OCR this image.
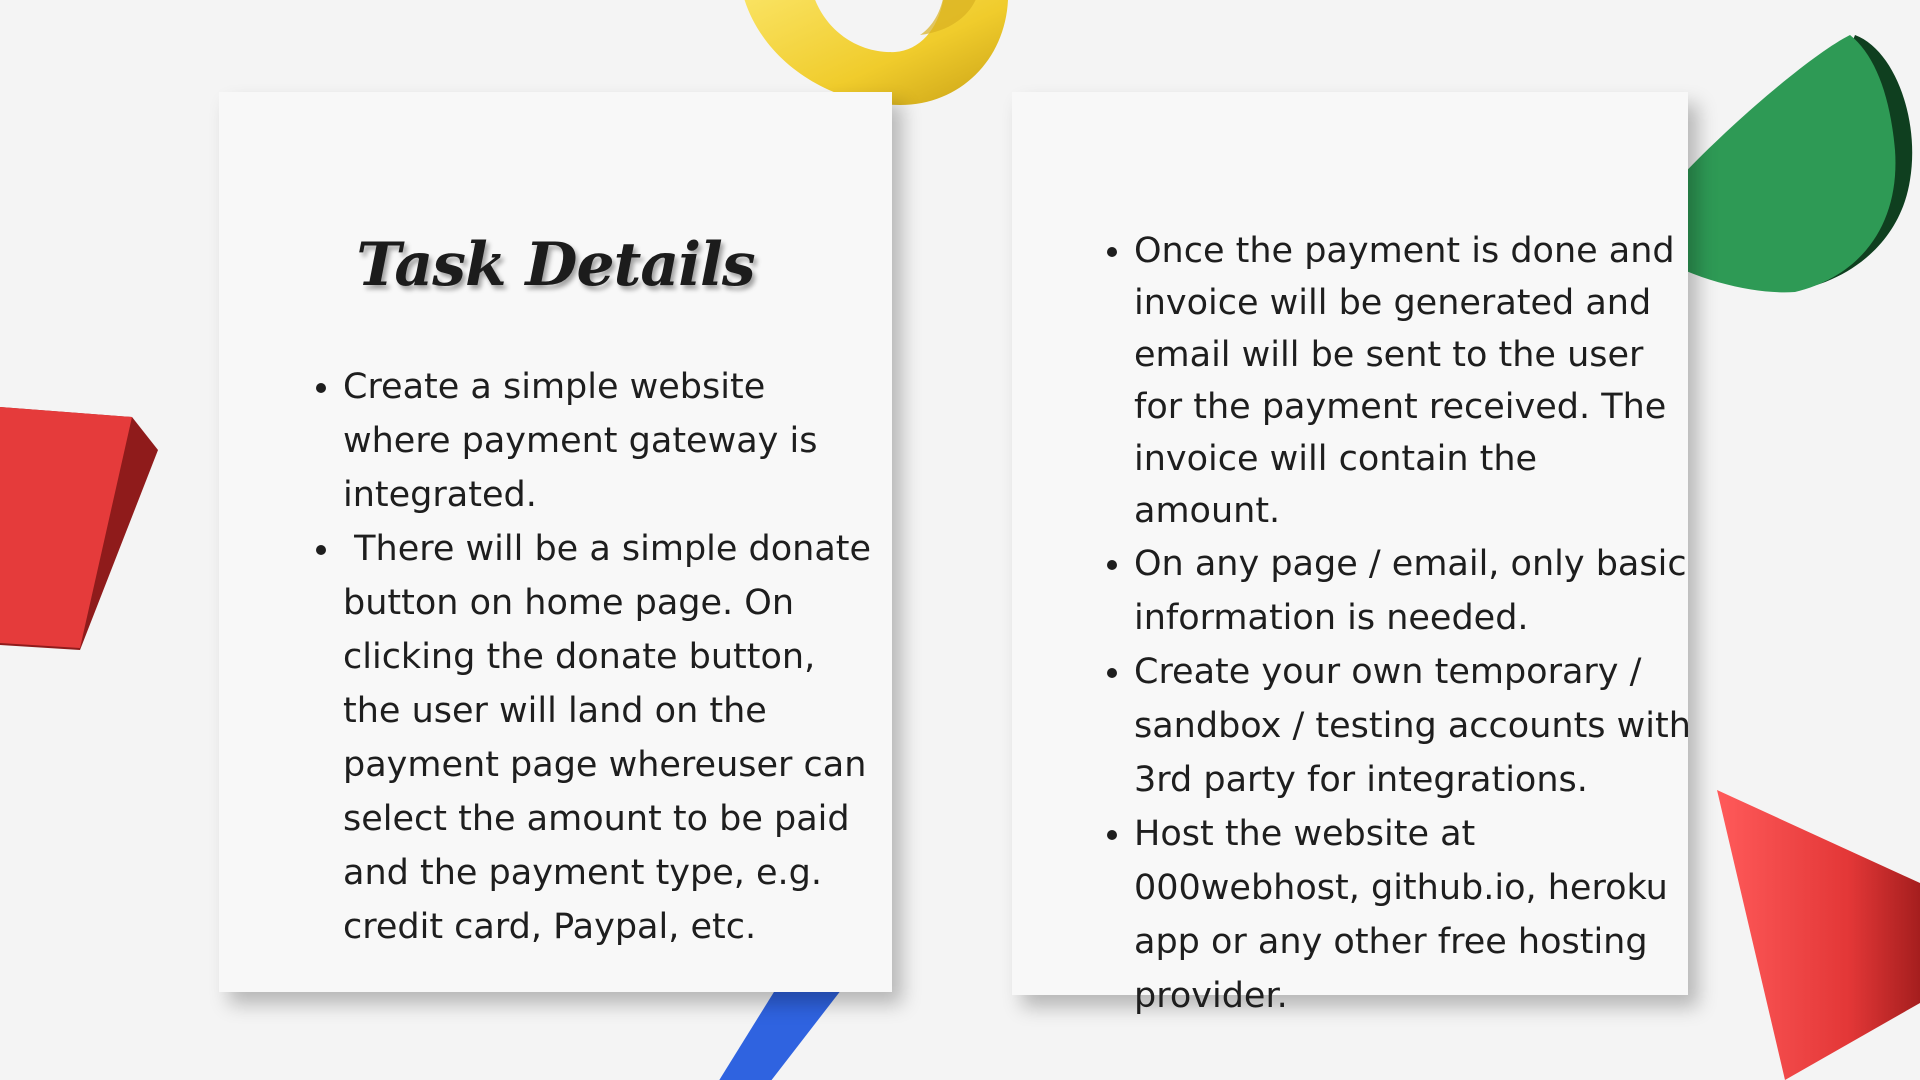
Task Details
• Create a simple website where payment gateway is integrated.
•  There will be a simple donate button on home page. On clicking the donate button, the user will land on the payment page whereuser can select the amount to be paid and the payment type, e.g. credit card, Paypal, etc.
• Once the payment is done and invoice will be generated and email will be sent to the user for the payment received. The invoice will contain the amount.
• On any page / email, only basic information is needed.
• Create your own temporary / sandbox / testing accounts with 3rd party for integrations.
• Host the website at 000webhost, github.io, heroku app or any other free hosting provider.
